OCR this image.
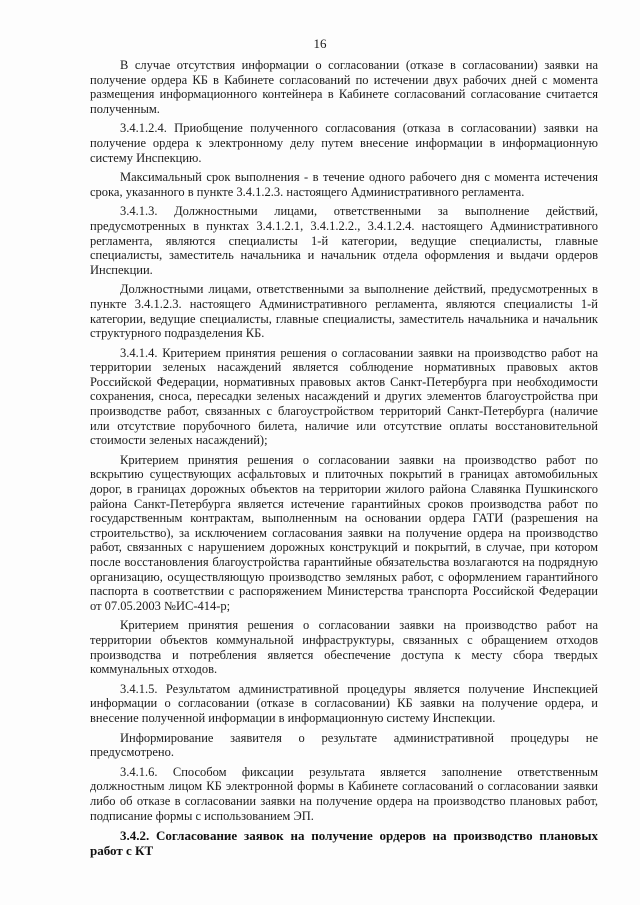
16

В случае отсутствия информации о согласовании (отказе в согласовании) заявки на получение ордера КБ в Кабинете согласований по истечении двух рабочих дней с момента размещения информационного контейнера в Кабинете согласований согласование считается полученным.

3.4.1.2.4. Приобщение полученного согласования (отказа в согласовании) заявки на получение ордера к электронному делу путем внесение информации в информационную систему Инспекцию.

Максимальный срок выполнения - в течение одного рабочего дня с момента истечения срока, указанного в пункте 3.4.1.2.3. настоящего Административного регламента.

3.4.1.3. Должностными лицами, ответственными за выполнение действий, предусмотренных в пунктах 3.4.1.2.1, 3.4.1.2.2., 3.4.1.2.4. настоящего Административного регламента, являются специалисты 1-й категории, ведущие специалисты, главные специалисты, заместитель начальника и начальник отдела оформления и выдачи ордеров Инспекции.

Должностными лицами, ответственными за выполнение действий, предусмотренных в пункте 3.4.1.2.3. настоящего Административного регламента, являются специалисты 1-й категории, ведущие специалисты, главные специалисты, заместитель начальника и начальник структурного подразделения КБ.

3.4.1.4. Критерием принятия решения о согласовании заявки на производство работ на территории зеленых насаждений является соблюдение нормативных правовых актов Российской Федерации, нормативных правовых актов Санкт-Петербурга при необходимости сохранения, сноса, пересадки зеленых насаждений и других элементов благоустройства при производстве работ, связанных с благоустройством территорий Санкт-Петербурга (наличие или отсутствие порубочного билета, наличие или отсутствие оплаты восстановительной стоимости зеленых насаждений);

Критерием принятия решения о согласовании заявки на производство работ по вскрытию существующих асфальтовых и плиточных покрытий в границах автомобильных дорог, в границах дорожных объектов на территории жилого района Славянка Пушкинского района Санкт-Петербурга является истечение гарантийных сроков производства работ по государственным контрактам, выполненным на основании ордера ГАТИ (разрешения на строительство), за исключением согласования заявки на получение ордера на производство работ, связанных с нарушением дорожных конструкций и покрытий, в случае, при котором после восстановления благоустройства гарантийные обязательства возлагаются на подрядную организацию, осуществляющую производство земляных работ, с оформлением гарантийного паспорта в соответствии с распоряжением Министерства транспорта Российской Федерации от 07.05.2003 №ИС-414-р;

Критерием принятия решения о согласовании заявки на производство работ на территории объектов коммунальной инфраструктуры, связанных с обращением отходов производства и потребления является обеспечение доступа к месту сбора твердых коммунальных отходов.

3.4.1.5. Результатом административной процедуры является получение Инспекцией информации о согласовании (отказе в согласовании) КБ заявки на получение ордера, и внесение полученной информации в информационную систему Инспекции.

Информирование заявителя о результате административной процедуры не предусмотрено.

3.4.1.6. Способом фиксации результата является заполнение ответственным должностным лицом КБ электронной формы в Кабинете согласований о согласовании заявки либо об отказе в согласовании заявки на получение ордера на производство плановых работ, подписание формы с использованием ЭП.

3.4.2. Согласование заявок на получение ордеров на производство плановых работ с КТ
